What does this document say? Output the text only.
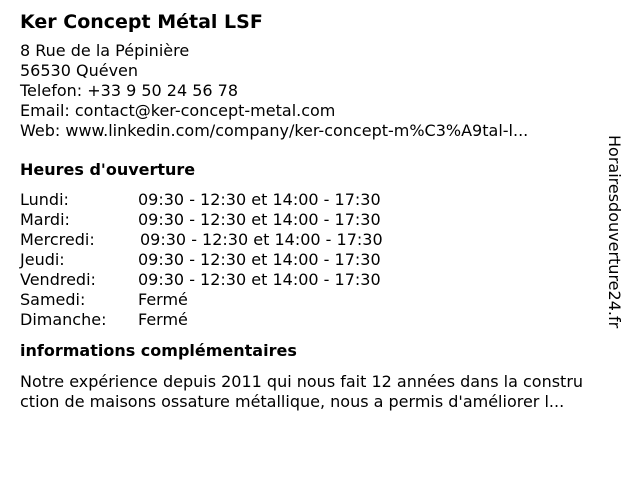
Ker Concept Métal LSF
8 Rue de la Pépinière
56530 Quéven
Telefon: +33 9 50 24 56 78
Email: contact@ker-concept-metal.com
Web: www.linkedin.com/company/ker-concept-m%C3%A9tal-l...
Heures d'ouverture
Lundi:	09:30 - 12:30 et 14:00 - 17:30
Mardi:	09:30 - 12:30 et 14:00 - 17:30
Mercredi:	09:30 - 12:30 et 14:00 - 17:30
Jeudi:	09:30 - 12:30 et 14:00 - 17:30
Vendredi:	09:30 - 12:30 et 14:00 - 17:30
Samedi:	Fermé
Dimanche:	Fermé
informations complémentaires
Notre expérience depuis 2011 qui nous fait 12 années dans la constru
ction de maisons ossature métallique, nous a permis d'améliorer l...
Horairesdouverture24.fr
